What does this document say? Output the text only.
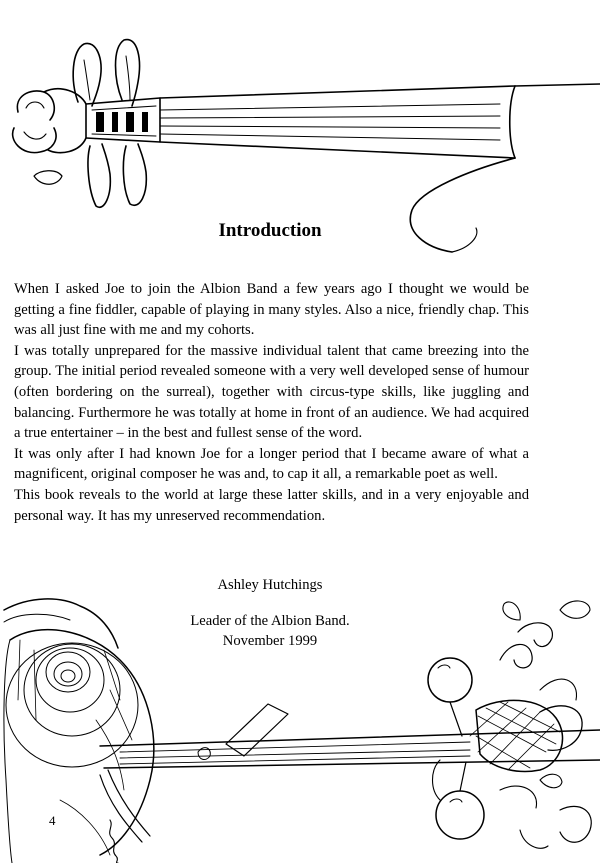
Introduction

When I asked Joe to join the Albion Band a few years ago I thought we would be getting a fine fiddler, capable of playing in many styles. Also a nice, friendly chap. This was all just fine with me and my cohorts.

I was totally unprepared for the massive individual talent that came breezing into the group. The initial period revealed someone with a very well developed sense of humour (often bordering on the surreal), together with circus-type skills, like juggling and balancing. Furthermore he was totally at home in front of an audience. We had acquired a true entertainer – in the best and fullest sense of the word.

It was only after I had known Joe for a longer period that I became aware of what a magnificent, original composer he was and, to cap it all, a remarkable poet as well.

This book reveals to the world at large these latter skills, and in a very enjoyable and personal way. It has my unreserved recommendation.

Ashley Hutchings
Leader of the Albion Band.
November 1999
4
